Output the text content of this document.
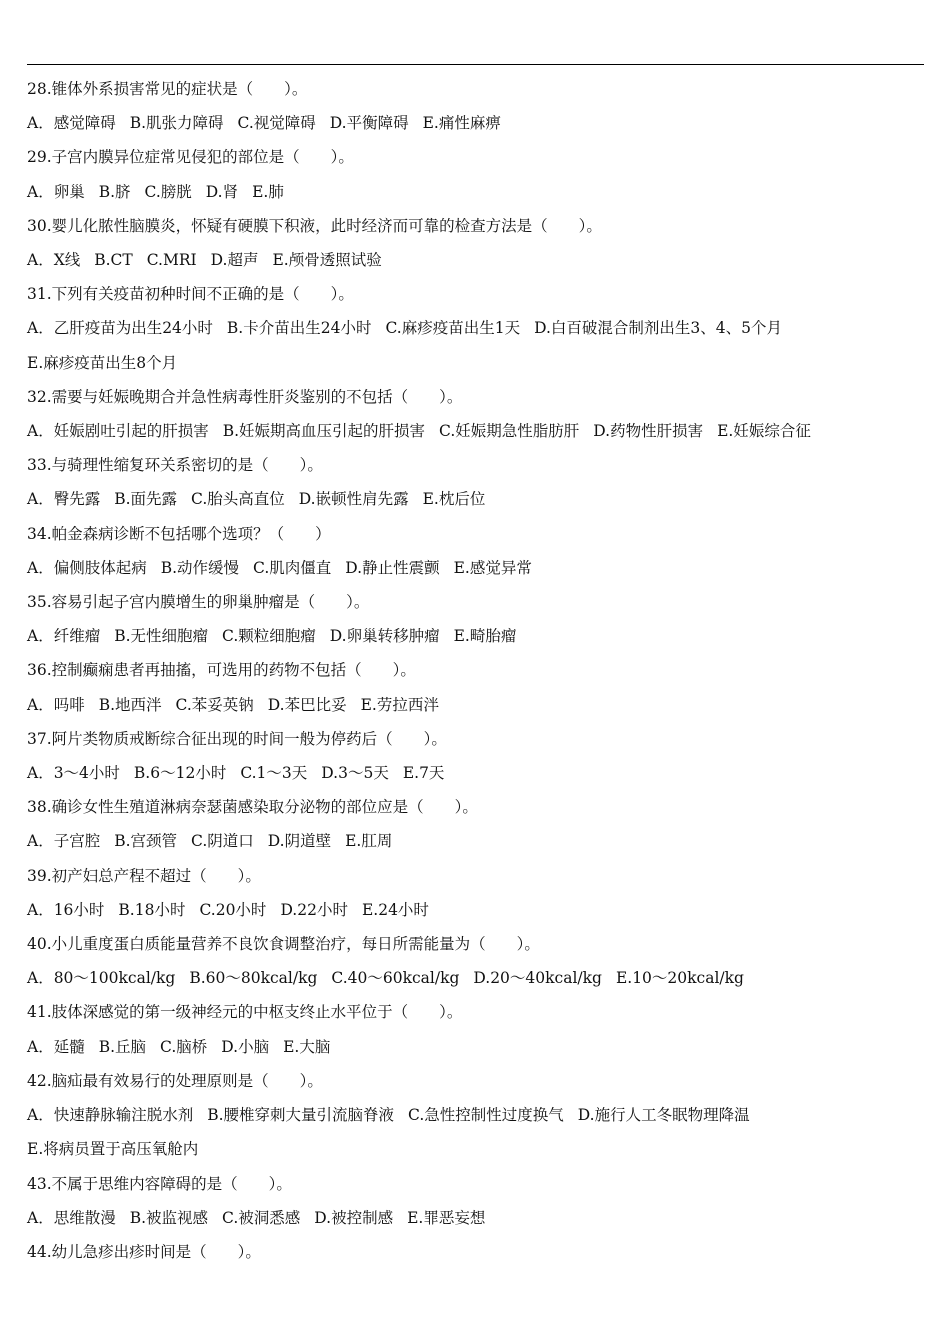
28.锥体外系损害常见的症状是（　　）。
A．感觉障碍 B.肌张力障碍 C.视觉障碍 D.平衡障碍 E.痛性麻痹
29.子宫内膜异位症常见侵犯的部位是（　　）。
A．卵巢 B.脐 C.膀胱 D.肾 E.肺
30.婴儿化脓性脑膜炎，怀疑有硬膜下积液，此时经济而可靠的检查方法是（　　）。
A．X线 B.CT C.MRI D.超声 E.颅骨透照试验
31.下列有关疫苗初种时间不正确的是（　　）。
A．乙肝疫苗为出生24小时 B.卡介苗出生24小时 C.麻疹疫苗出生1天 D.白百破混合制剂出生3、4、5个月E.麻疹疫苗出生8个月
32.需要与妊娠晚期合并急性病毒性肝炎鉴别的不包括（　　）。
A．妊娠剧吐引起的肝损害 B.妊娠期高血压引起的肝损害 C.妊娠期急性脂肪肝 D.药物性肝损害 E.妊娠综合征
33.与骑理性缩复环关系密切的是（　　）。
A．臀先露 B.面先露 C.胎头高直位 D.嵌顿性肩先露 E.枕后位
34.帕金森病诊断不包括哪个选项？（　　）
A．偏侧肢体起病 B.动作缓慢 C.肌肉僵直 D.静止性震颤 E.感觉异常
35.容易引起子宫内膜增生的卵巢肿瘤是（　　）。
A．纤维瘤 B.无性细胞瘤 C.颗粒细胞瘤 D.卵巢转移肿瘤 E.畸胎瘤
36.控制癫痫患者再抽搐，可选用的药物不包括（　　）。
A．吗啡 B.地西泮 C.苯妥英钠 D.苯巴比妥 E.劳拉西泮
37.阿片类物质戒断综合征出现的时间一般为停药后（　　）。
A．3～4小时 B.6～12小时 C.1～3天 D.3～5天 E.7天
38.确诊女性生殖道淋病奈瑟菌感染取分泌物的部位应是（　　）。
A．子宫腔 B.宫颈管 C.阴道口 D.阴道壁 E.肛周
39.初产妇总产程不超过（　　）。
A．16小时 B.18小时 C.20小时 D.22小时 E.24小时
40.小儿重度蛋白质能量营养不良饮食调整治疗，每日所需能量为（　　）。
A．80～100kcal/kg B.60～80kcal/kg C.40～60kcal/kg D.20～40kcal/kg E.10～20kcal/kg
41.肢体深感觉的第一级神经元的中枢支终止水平位于（　　）。
A．延髓 B.丘脑 C.脑桥 D.小脑 E.大脑
42.脑疝最有效易行的处理原则是（　　）。
A．快速静脉输注脱水剂 B.腰椎穿刺大量引流脑脊液 C.急性控制性过度换气 D.施行人工冬眠物理降温E.将病员置于高压氧舱内
43.不属于思维内容障碍的是（　　）。
A．思维散漫 B.被监视感 C.被洞悉感 D.被控制感 E.罪恶妄想
44.幼儿急疹出疹时间是（　　）。
